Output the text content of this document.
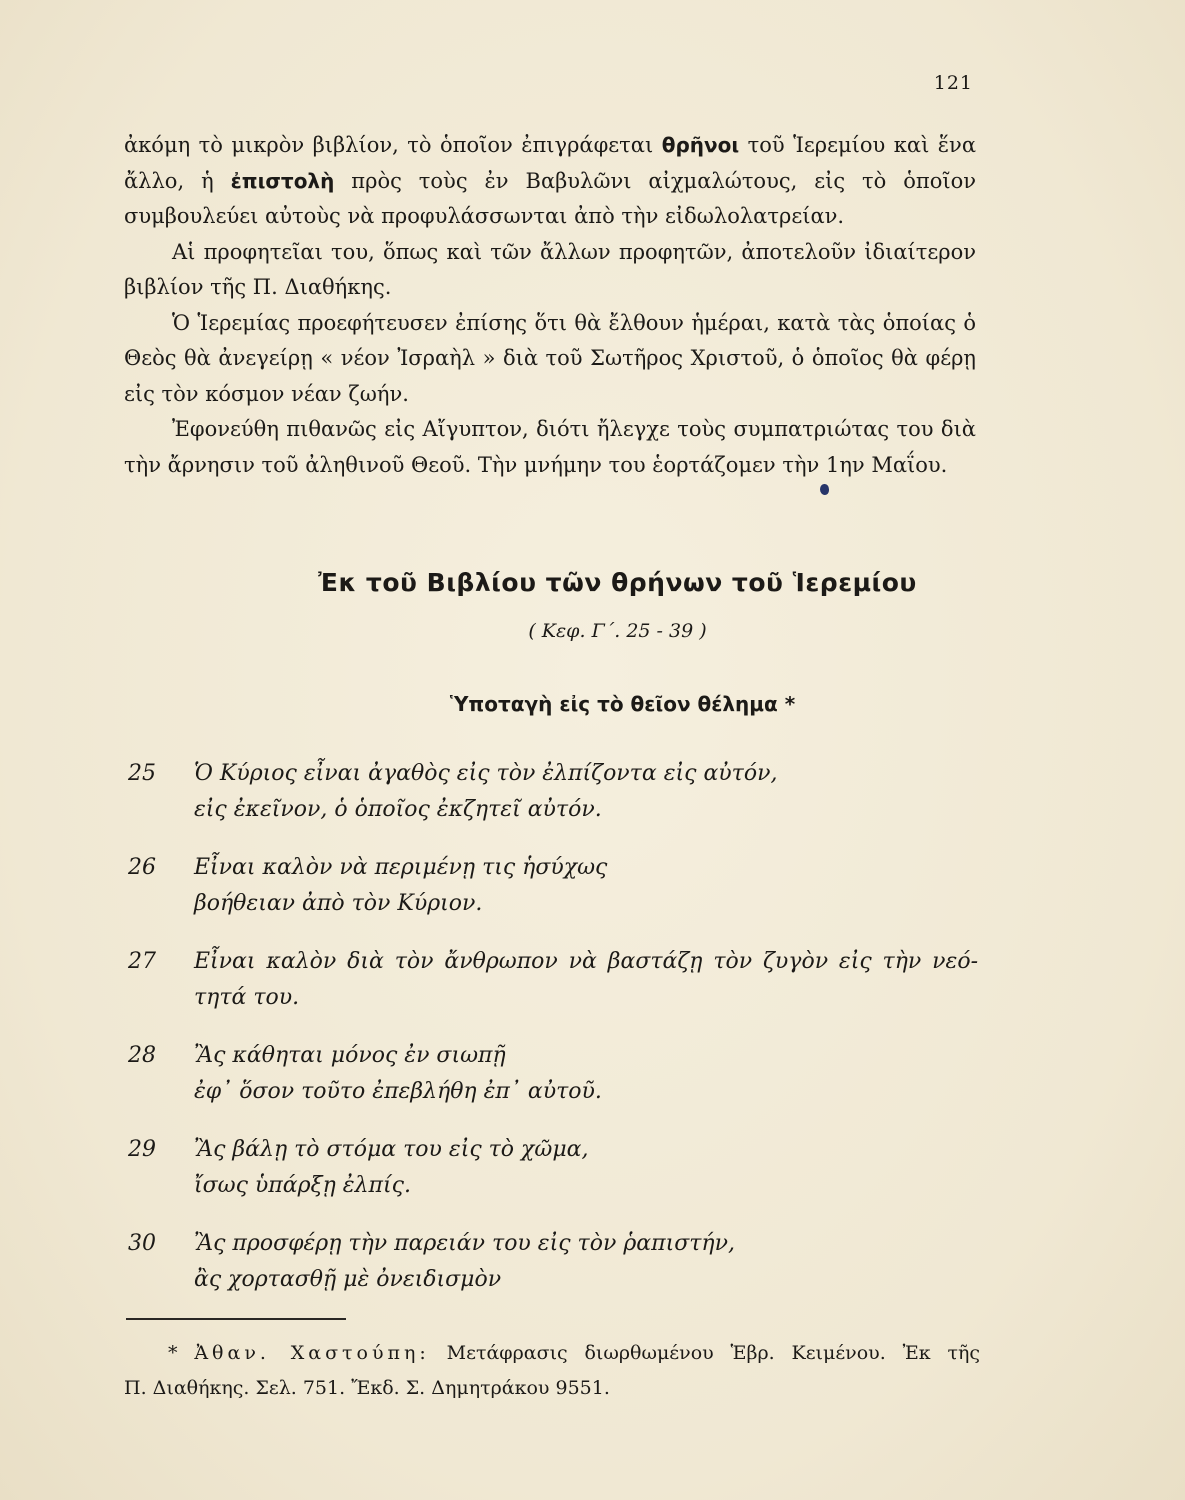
121

ἀκόμη τὸ μικρὸν βιβλίον, τὸ ὁποῖον ἐπιγράφεται θρῆνοι τοῦ Ἱερεμίου καὶ ἕνα ἄλλο, ἡ ἐπιστολὴ πρὸς τοὺς ἐν Βαβυλῶνι αἰχμαλώτους, εἰς τὸ ὁποῖον συμβουλεύει αὐτοὺς νὰ προφυλάσσωνται ἀπὸ τὴν εἰδωλολατρείαν.

Αἱ προφητεῖαι του, ὅπως καὶ τῶν ἄλλων προφητῶν, ἀποτελοῦν ἰδιαίτερον βιβλίον τῆς Π. Διαθήκης.

Ὁ Ἱερεμίας προεφήτευσεν ἐπίσης ὅτι θὰ ἔλθουν ἡμέραι, κατὰ τὰς ὁποίας ὁ Θεὸς θὰ ἀνεγείρῃ « νέον Ἰσραὴλ » διὰ τοῦ Σωτῆρος Χριστοῦ, ὁ ὁποῖος θὰ φέρῃ εἰς τὸν κόσμον νέαν ζωήν.

Ἐφονεύθη πιθανῶς εἰς Αἴγυπτον, διότι ἤλεγχε τοὺς συμπατριώτας του διὰ τὴν ἄρνησιν τοῦ ἀληθινοῦ Θεοῦ. Τὴν μνήμην του ἑορτάζομεν τὴν 1ην Μαΐου.

Ἐκ τοῦ Βιβλίου τῶν θρήνων τοῦ Ἱερεμίου
( Κεφ. Γ΄. 25 - 39 )
Ὑποταγὴ εἰς τὸ θεῖον θέλημα *
25	Ὁ Κύριος εἶναι ἀγαθὸς εἰς τὸν ἐλπίζοντα εἰς αὐτόν,
εἰς ἐκεῖνον, ὁ ὁποῖος ἐκζητεῖ αὐτόν.
26	Εἶναι καλὸν νὰ περιμένῃ τις ἡσύχως
βοήθειαν ἀπὸ τὸν Κύριον.
27	Εἶναι καλὸν διὰ τὸν ἄνθρωπον νὰ βαστάζῃ τὸν ζυγὸν εἰς τὴν νεό-
τητά του.
28	Ἂς κάθηται μόνος ἐν σιωπῇ
ἐφ᾽ ὅσον τοῦτο ἐπεβλήθη ἐπ᾽ αὐτοῦ.
29	Ἂς βάλῃ τὸ στόμα του εἰς τὸ χῶμα,
ἴσως ὑπάρξῃ ἐλπίς.
30	Ἂς προσφέρῃ τὴν παρειάν του εἰς τὸν ῥαπιστήν,
ἂς χορτασθῇ μὲ ὀνειδισμὸν
* Ἀθαν. Χαστούπη: Μετάφρασις διωρθωμένου Ἑβρ. Κειμένου. Ἐκ τῆς
Π. Διαθήκης. Σελ. 751. Ἔκδ. Σ. Δημητράκου 9551.
